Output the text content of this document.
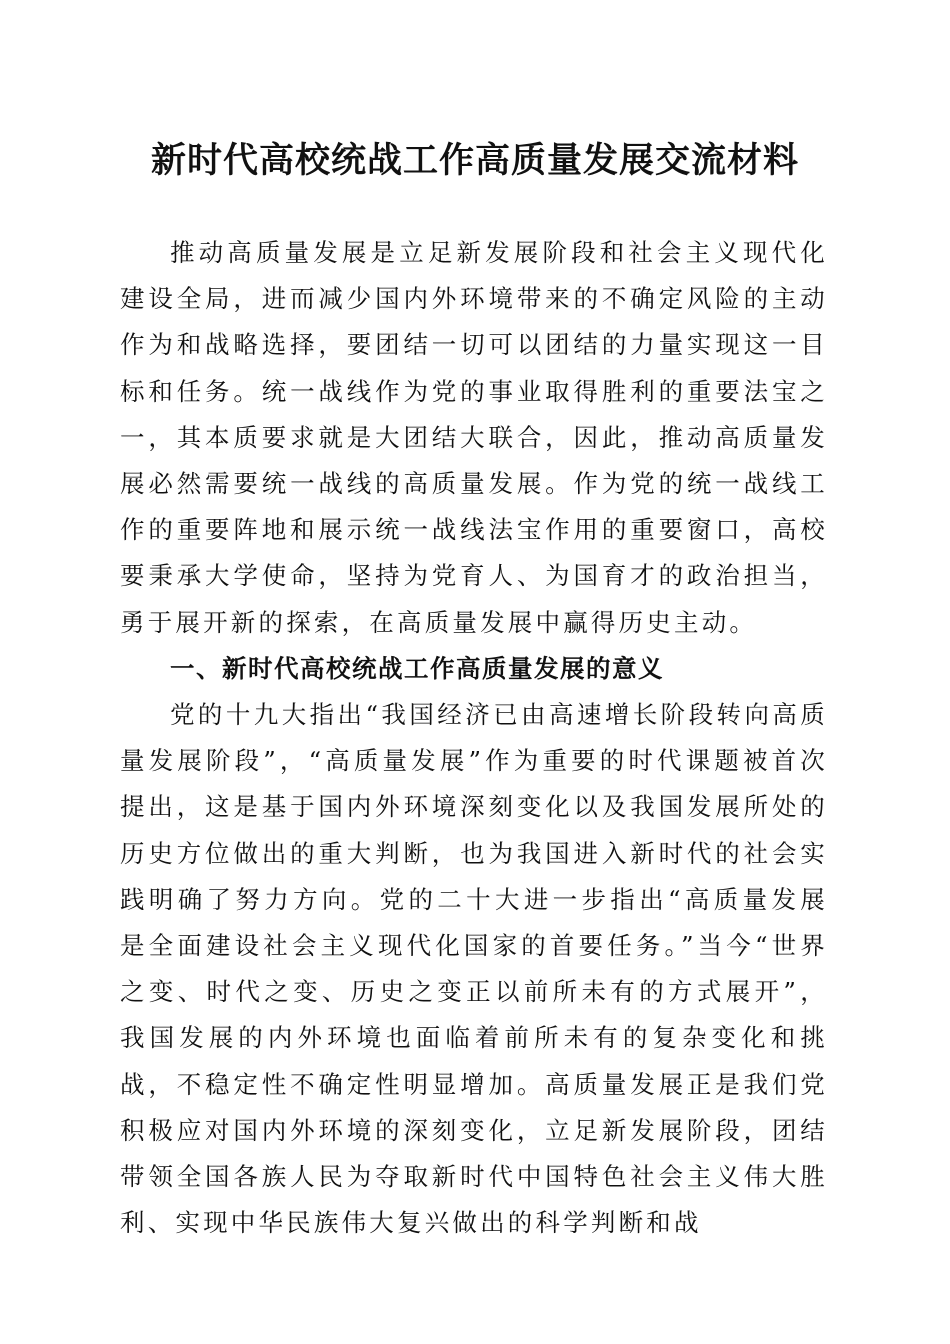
新时代高校统战工作高质量发展交流材料

推动高质量发展是立足新发展阶段和社会主义现代化建设全局，进而减少国内外环境带来的不确定风险的主动作为和战略选择，要团结一切可以团结的力量实现这一目标和任务。统一战线作为党的事业取得胜利的重要法宝之一，其本质要求就是大团结大联合，因此，推动高质量发展必然需要统一战线的高质量发展。作为党的统一战线工作的重要阵地和展示统一战线法宝作用的重要窗口，高校要秉承大学使命，坚持为党育人、为国育才的政治担当，勇于展开新的探索，在高质量发展中赢得历史主动。

一、新时代高校统战工作高质量发展的意义

党的十九大指出“我国经济已由高速增长阶段转向高质量发展阶段”，“高质量发展”作为重要的时代课题被首次提出，这是基于国内外环境深刻变化以及我国发展所处的历史方位做出的重大判断，也为我国进入新时代的社会实践明确了努力方向。党的二十大进一步指出“高质量发展是全面建设社会主义现代化国家的首要任务。”当今“世界之变、时代之变、历史之变正以前所未有的方式展开”，我国发展的内外环境也面临着前所未有的复杂变化和挑战，不稳定性不确定性明显增加。高质量发展正是我们党积极应对国内外环境的深刻变化，立足新发展阶段，团结带领全国各族人民为夺取新时代中国特色社会主义伟大胜利、实现中华民族伟大复兴做出的科学判断和战
